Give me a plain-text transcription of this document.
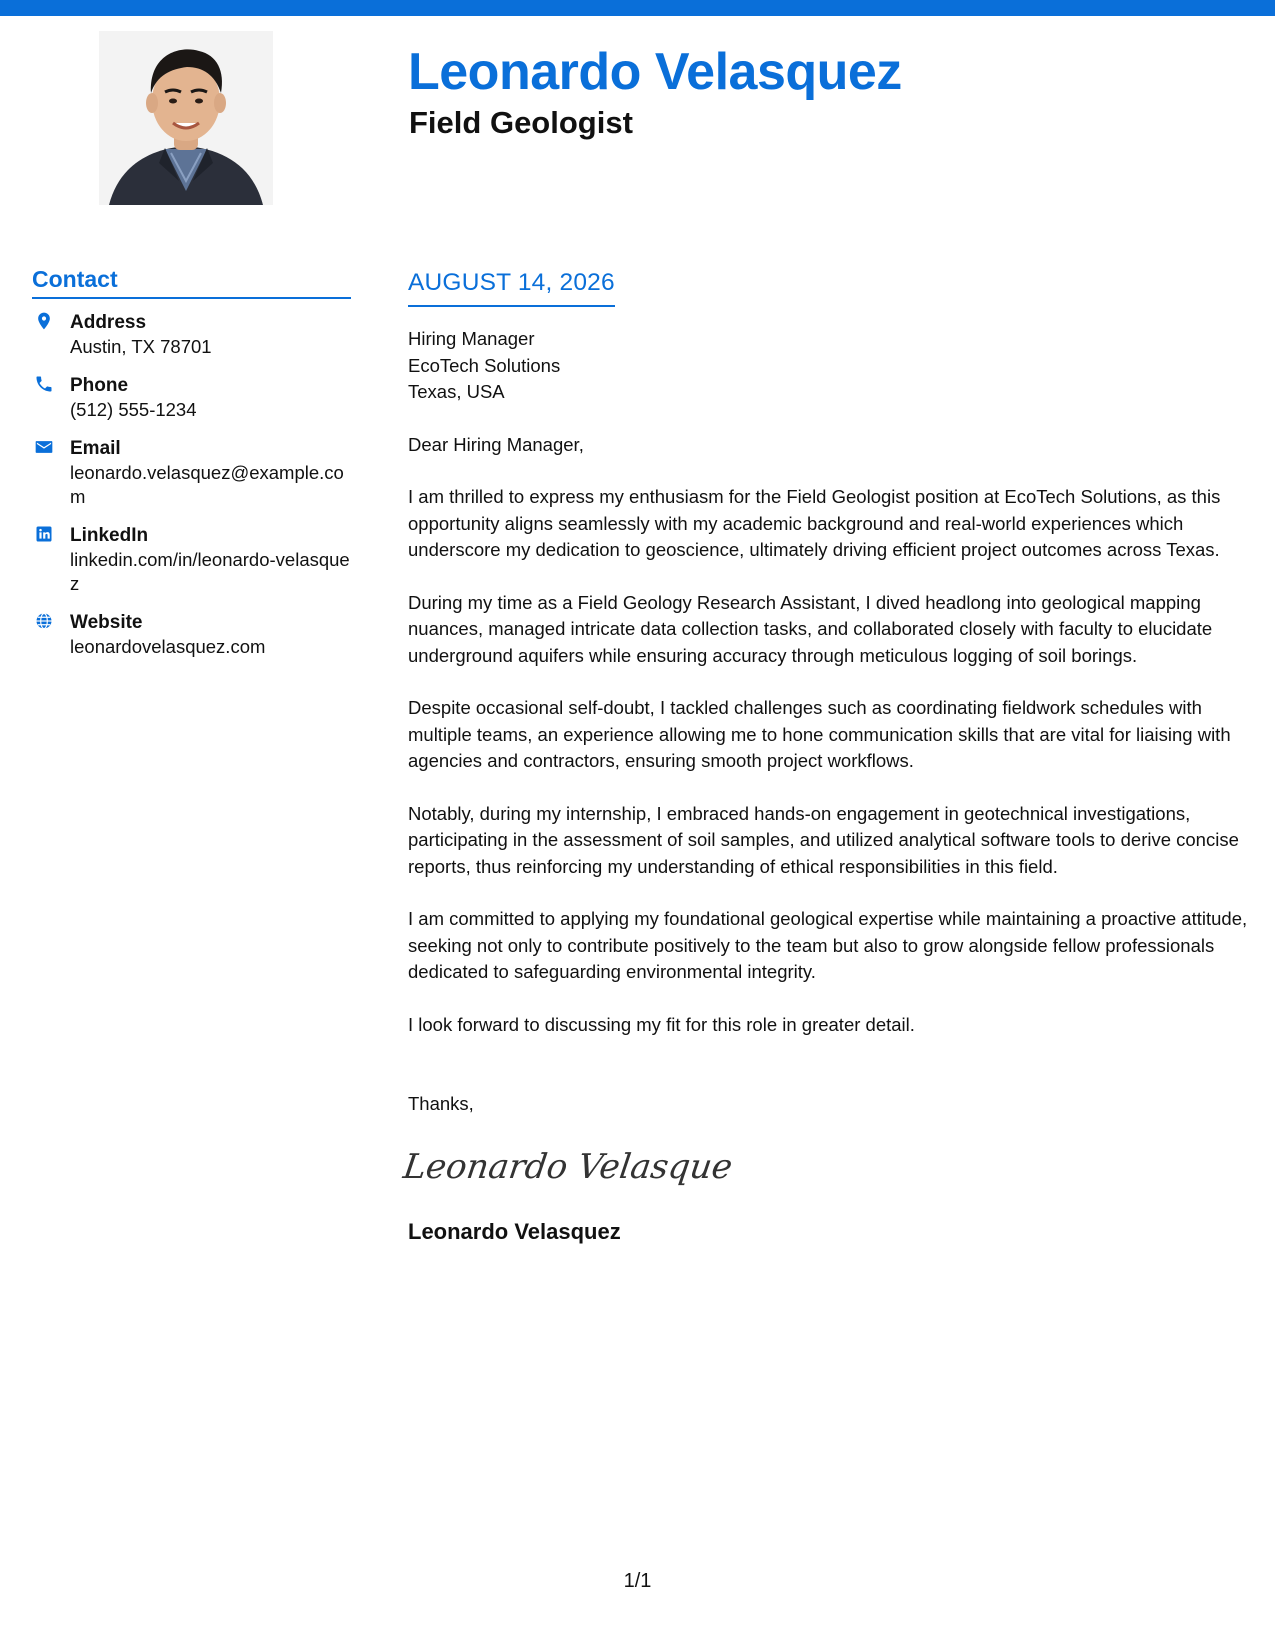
Leonardo Velasquez
Field Geologist
Contact
Address
Austin, TX 78701
Phone
(512) 555-1234
Email
leonardo.velasquez@example.com
LinkedIn
linkedin.com/in/leonardo-velasquez
Website
leonardovelasquez.com
AUGUST 14, 2026
Hiring Manager
EcoTech Solutions
Texas, USA
Dear Hiring Manager,

I am thrilled to express my enthusiasm for the Field Geologist position at EcoTech Solutions, as this opportunity aligns seamlessly with my academic background and real-world experiences which underscore my dedication to geoscience, ultimately driving efficient project outcomes across Texas.

During my time as a Field Geology Research Assistant, I dived headlong into geological mapping nuances, managed intricate data collection tasks, and collaborated closely with faculty to elucidate underground aquifers while ensuring accuracy through meticulous logging of soil borings.

Despite occasional self-doubt, I tackled challenges such as coordinating fieldwork schedules with multiple teams, an experience allowing me to hone communication skills that are vital for liaising with agencies and contractors, ensuring smooth project workflows.

Notably, during my internship, I embraced hands-on engagement in geotechnical investigations, participating in the assessment of soil samples, and utilized analytical software tools to derive concise reports, thus reinforcing my understanding of ethical responsibilities in this field.

I am committed to applying my foundational geological expertise while maintaining a proactive attitude, seeking not only to contribute positively to the team but also to grow alongside fellow professionals dedicated to safeguarding environmental integrity.

I look forward to discussing my fit for this role in greater detail.

Thanks,
Leonardo Velasque
Leonardo Velasquez
1/1
